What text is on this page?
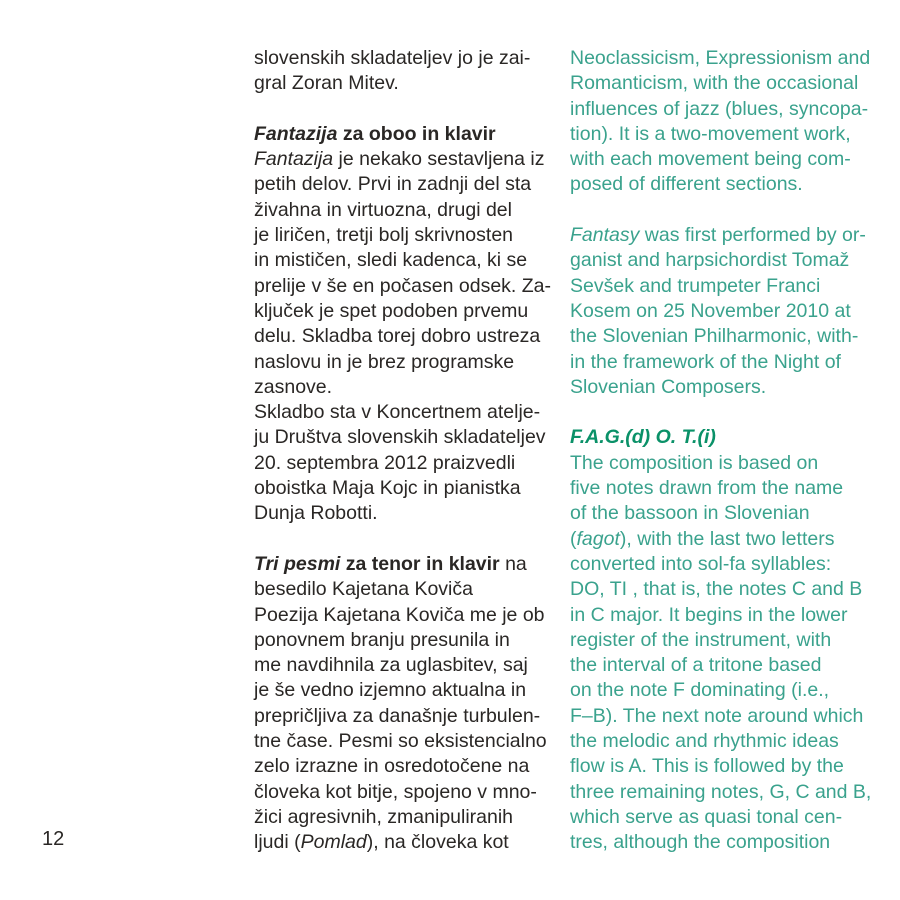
slovenskih skladateljev jo je zai-
gral Zoran Mitev.
Fantazija za oboo in klavir
Fantazija je nekako sestavljena iz
petih delov. Prvi in zadnji del sta
živahna in virtuozna, drugi del
je liričen, tretji bolj skrivnosten
in mističen, sledi kadenca, ki se
prelije v še en počasen odsek. Za-
ključek je spet podoben prvemu
delu. Skladba torej dobro ustreza
naslovu in je brez programske
zasnove.
Skladbo sta v Koncertnem atelje-
ju Društva slovenskih skladateljev
20. septembra 2012 praizvedli
oboistka Maja Kojc in pianistka
Dunja Robotti.
Tri pesmi za tenor in klavir na
besedilo Kajetana Koviča
Poezija Kajetana Koviča me je ob
ponovnem branju presunila in
me navdihnila za uglasbitev, saj
je še vedno izjemno aktualna in
prepričljiva za današnje turbulen-
tne čase. Pesmi so eksistencialno
zelo izrazne in osredotočene na
človeka kot bitje, spojeno v mno-
žici agresivnih, zmanipuliranih
ljudi (Pomlad), na človeka kot
Neoclassicism, Expressionism and
Romanticism, with the occasional
influences of jazz (blues, syncopa-
tion). It is a two-movement work,
with each movement being com-
posed of different sections.
Fantasy was first performed by or-
ganist and harpsichordist Tomaž
Sevšek and trumpeter Franci
Kosem on 25 November 2010 at
the Slovenian Philharmonic, with-
in the framework of the Night of
Slovenian Composers.
F.A.G.(d) O. T.(i)
The composition is based on
five notes drawn from the name
of the bassoon in Slovenian
(fagot), with the last two letters
converted into sol-fa syllables:
DO, TI , that is, the notes C and B
in C major. It begins in the lower
register of the instrument, with
the interval of a tritone based
on the note F dominating (i.e.,
F–B). The next note around which
the melodic and rhythmic ideas
flow is A. This is followed by the
three remaining notes, G, C and B,
which serve as quasi tonal cen-
tres, although the composition
12
